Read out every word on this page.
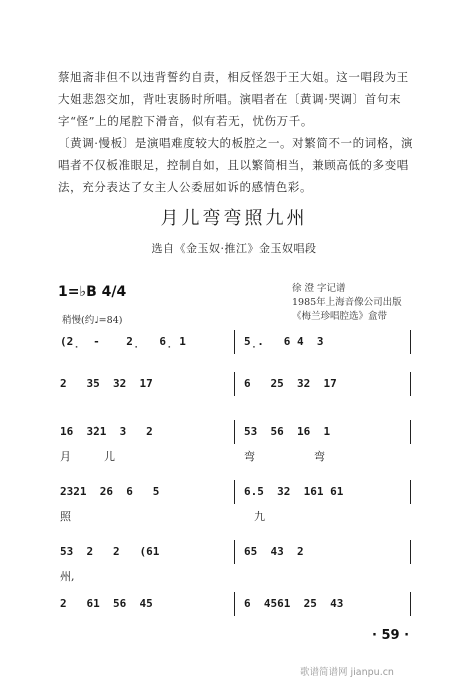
蔡旭斋非但不以违背誓约自责，相反怪怨于王大姐。这一唱段为王大姐悲怨交加，背吐衷肠时所唱。演唱者在〔黄调·哭调〕首句末字“怪”上的尾腔下滑音，似有若无，忧伤万千。
〔黄调·慢板〕是演唱难度较大的板腔之一。对繁简不一的词格，演唱者不仅板准眼足，控制自如，且以繁简相当，兼顾高低的多变唱法，充分表达了女主人公委屈如诉的感情色彩。
月儿弯弯照九州
选自《金玉奴·推江》金玉奴唱段
1=♭B 4/4	徐 澄 字记谱
1985年上海音像公司出版
《梅兰珍唱腔选》盒带
稍慢(约♩=84)
(2̣  -    2̣   6̣ 1	5̣.   6 4  3
2   35  32  17	6   25  32  17
16  3̇21  3   2	53  56  16  1
月	儿	弯	弯
2321  26  6   5	6.5  32  161 61
照	九
53  2   2   (61	65  43  2
州,
2   61  56  45	6  4561  25  43
· 59 ·
歌谱简谱网 jianpu.cn
